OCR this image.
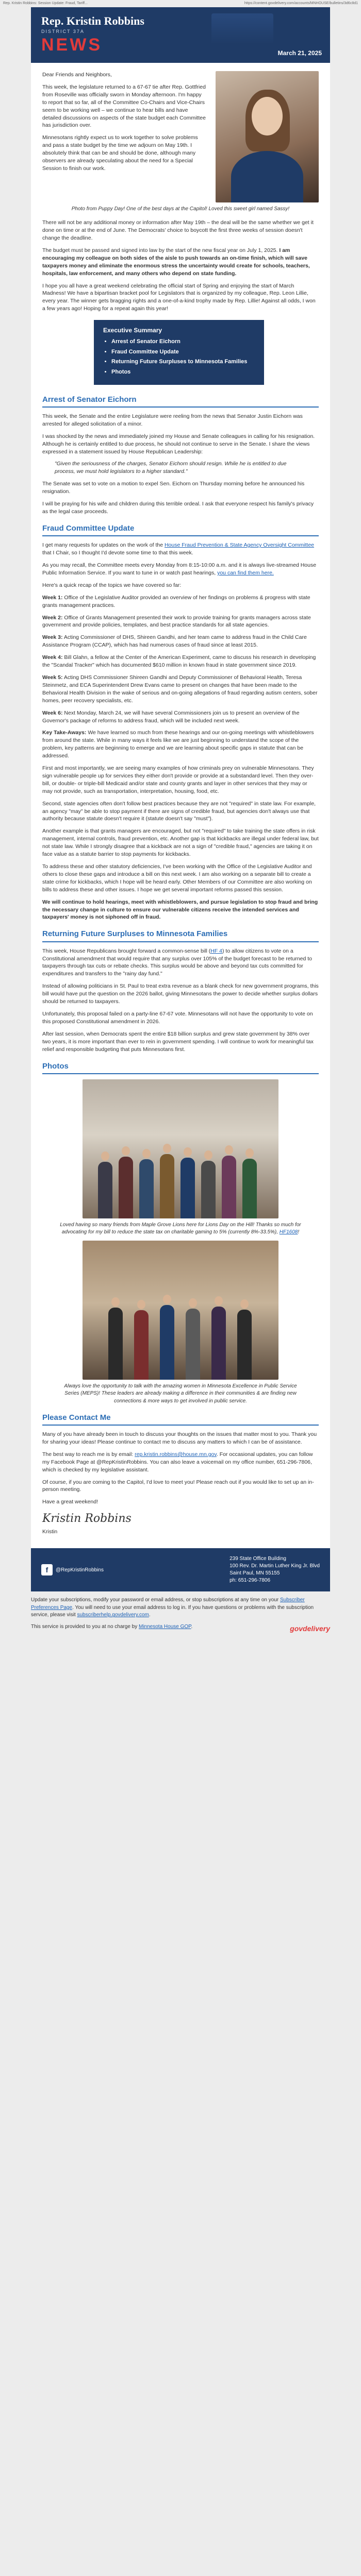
Rep. Kristin Robbins: Session Update: Fraud, Tariff...	https://content.govdelivery.com/accounts/MNHOUSE/bulletins/3d6c8d1
Rep. Kristin Robbins
DISTRICT 37A
NEWS	March 21, 2025

Dear Friends and Neighbors,

This week, the legislature returned to a 67-67 tie after Rep. Gottfried from Roseville was officially sworn in Monday afternoon. I'm happy to report that so far, all of the Committee Co-Chairs and Vice-Chairs seem to be working well – we continue to hear bills and have detailed discussions on aspects of the state budget each Committee has jurisdiction over.

Minnesotans rightly expect us to work together to solve problems and pass a state budget by the time we adjourn on May 19th. I absolutely think that can be and should be done, although many observers are already speculating about the need for a Special Session to finish our work.

Photo from Puppy Day! One of the best days at the Capitol! Loved this sweet girl named Sassy!

There will not be any additional money or information after May 19th – the deal will be the same whether we get it done on time or at the end of June. The Democrats' choice to boycott the first three weeks of session doesn't change the deadline.

The budget must be passed and signed into law by the start of the new fiscal year on July 1, 2025. I am encouraging my colleague on both sides of the aisle to push towards an on-time finish, which will save taxpayers money and eliminate the enormous stress the uncertainty would create for schools, teachers, hospitals, law enforcement, and many others who depend on state funding.

I hope you all have a great weekend celebrating the official start of Spring and enjoying the start of March Madness! We have a bipartisan bracket pool for Legislators that is organized by my colleague, Rep. Leon Lillie, every year. The winner gets bragging rights and a one-of-a-kind trophy made by Rep. Lillie! Against all odds, I won a few years ago! Hoping for a repeat again this year!

Executive Summary
• Arrest of Senator Eichorn
• Fraud Committee Update
• Returning Future Surpluses to Minnesota Families
• Photos
Arrest of Senator Eichorn

This week, the Senate and the entire Legislature were reeling from the news that Senator Justin Eichorn was arrested for alleged solicitation of a minor.

I was shocked by the news and immediately joined my House and Senate colleagues in calling for his resignation. Although he is certainly entitled to due process, he should not continue to serve in the Senate. I share the views expressed in a statement issued by House Republican Leadership:

"Given the seriousness of the charges, Senator Eichorn should resign. While he is entitled to due process, we must hold legislators to a higher standard."

The Senate was set to vote on a motion to expel Sen. Eichorn on Thursday morning before he announced his resignation.

I will be praying for his wife and children during this terrible ordeal. I ask that everyone respect his family's privacy as the legal case proceeds.

Fraud Committee Update

I get many requests for updates on the work of the House Fraud Prevention & State Agency Oversight Committee that I Chair, so I thought I'd devote some time to that this week.

As you may recall, the Committee meets every Monday from 8:15-10:00 a.m. and it is always live-streamed House Public Information Service. If you want to tune in or watch past hearings, you can find them here.

Here's a quick recap of the topics we have covered so far:

Week 1: Office of the Legislative Auditor provided an overview of her findings on problems & progress with state grants management practices.

Week 2: Office of Grants Management presented their work to provide training for grants managers across state government and provide policies, templates, and best practice standards for all state agencies.

Week 3: Acting Commissioner of DHS, Shireen Gandhi, and her team came to address fraud in the Child Care Assistance Program (CCAP), which has had numerous cases of fraud since at least 2015.

Week 4: Bill Glahn, a fellow at the Center of the American Experiment, came to discuss his research in developing the "Scandal Tracker" which has documented $610 million in known fraud in state government since 2019.

Week 5: Acting DHS Commissioner Shireen Gandhi and Deputy Commissioner of Behavioral Health, Teresa Steinmetz, and ECA Superintendent Drew Evans came to present on changes that have been made to the Behavioral Health Division in the wake of serious and on-going allegations of fraud regarding autism centers, sober homes, peer recovery specialists, etc.

Week 6: Next Monday, March 24, we will have several Commissioners join us to present an overview of the Governor's package of reforms to address fraud, which will be included next week.

Key Take-Aways: We have learned so much from these hearings and our on-going meetings with whistleblowers from around the state. While in many ways it feels like we are just beginning to understand the scope of the problem, key patterns are beginning to emerge and we are learning about specific gaps in statute that can be addressed.

First and most importantly, we are seeing many examples of how criminals prey on vulnerable Minnesotans. They sign vulnerable people up for services they either don't provide or provide at a substandard level. Then they over-bill, or double- or triple-bill Medicaid and/or state and county grants and layer in other services that they may or may not provide, such as transportation, interpretation, housing, food, etc.

Second, state agencies often don't follow best practices because they are not "required" in state law. For example, an agency "may" be able to stop payment if there are signs of credible fraud, but agencies don't always use that authority because statute doesn't require it (statute doesn't say "must").

Another example is that grants managers are encouraged, but not "required" to take training the state offers in risk management, internal controls, fraud prevention, etc. Another gap is that kickbacks are illegal under federal law, but not state law. While I strongly disagree that a kickback are not a sign of "credible fraud," agencies are taking it on face value as a statute barrier to stop payments for kickbacks.

To address these and other statutory deficiencies, I've been working with the Office of the Legislative Auditor and others to close these gaps and introduce a bill on this next week. I am also working on a separate bill to create a state crime for kickbacks, which I hope will be heard early. Other Members of our Committee are also working on bills to address these and other issues. I hope we get several important reforms passed this session.

We will continue to hold hearings, meet with whistleblowers, and pursue legislation to stop fraud and bring the necessary change in culture to ensure our vulnerable citizens receive the intended services and taxpayers' money is not siphoned off in fraud.

Returning Future Surpluses to Minnesota Families

This week, House Republicans brought forward a common-sense bill (HF 4) to allow citizens to vote on a Constitutional amendment that would require that any surplus over 105% of the budget forecast to be returned to taxpayers through tax cuts or rebate checks. This surplus would be above and beyond tax cuts committed for expenditures and transfers to the "rainy day fund."

Instead of allowing politicians in St. Paul to treat extra revenue as a blank check for new government programs, this bill would have put the question on the 2026 ballot, giving Minnesotans the power to decide whether surplus dollars should be returned to taxpayers.

Unfortunately, this proposal failed on a party-line 67-67 vote. Minnesotans will not have the opportunity to vote on this proposed Constitutional amendment in 2026.

After last session, when Democrats spent the entire $18 billion surplus and grew state government by 38% over two years, it is more important than ever to rein in government spending. I will continue to work for meaningful tax relief and responsible budgeting that puts Minnesotans first.

Photos

Loved having so many friends from Maple Grove Lions here for Lions Day on the Hill! Thanks so much for advocating for my bill to reduce the state tax on charitable gaming to 5% (currently 8%-33.5%), HF1608!

Always love the opportunity to talk with the amazing women in Minnesota Excellence in Public Service Series (MEPS)! These leaders are already making a difference in their communities & are finding new connections & more ways to get involved in public service.

Please Contact Me

Many of you have already been in touch to discuss your thoughts on the issues that matter most to you. Thank you for sharing your ideas! Please continue to contact me to discuss any matters to which I can be of assistance.

The best way to reach me is by email: rep.kristin.robbins@house.mn.gov. For occasional updates, you can follow my Facebook Page at @RepKristinRobbins. You can also leave a voicemail on my office number, 651-296-7806, which is checked by my legislative assistant.

Of course, if you are coming to the Capitol, I'd love to meet you! Please reach out if you would like to set up an in-person meeting.

Have a great weekend!

Kristin Robbins

Kristin

f	@RepKristinRobbins
239 State Office Building
100 Rev. Dr. Martin Luther King Jr. Blvd
Saint Paul, MN 55155
ph: 651-296-7806

Update your subscriptions, modify your password or email address, or stop subscriptions at any time on your Subscriber Preferences Page. You will need to use your email address to log in. If you have questions or problems with the subscription service, please visit subscriberhelp.govdelivery.com.

This service is provided to you at no charge by Minnesota House GOP.	govdelivery
